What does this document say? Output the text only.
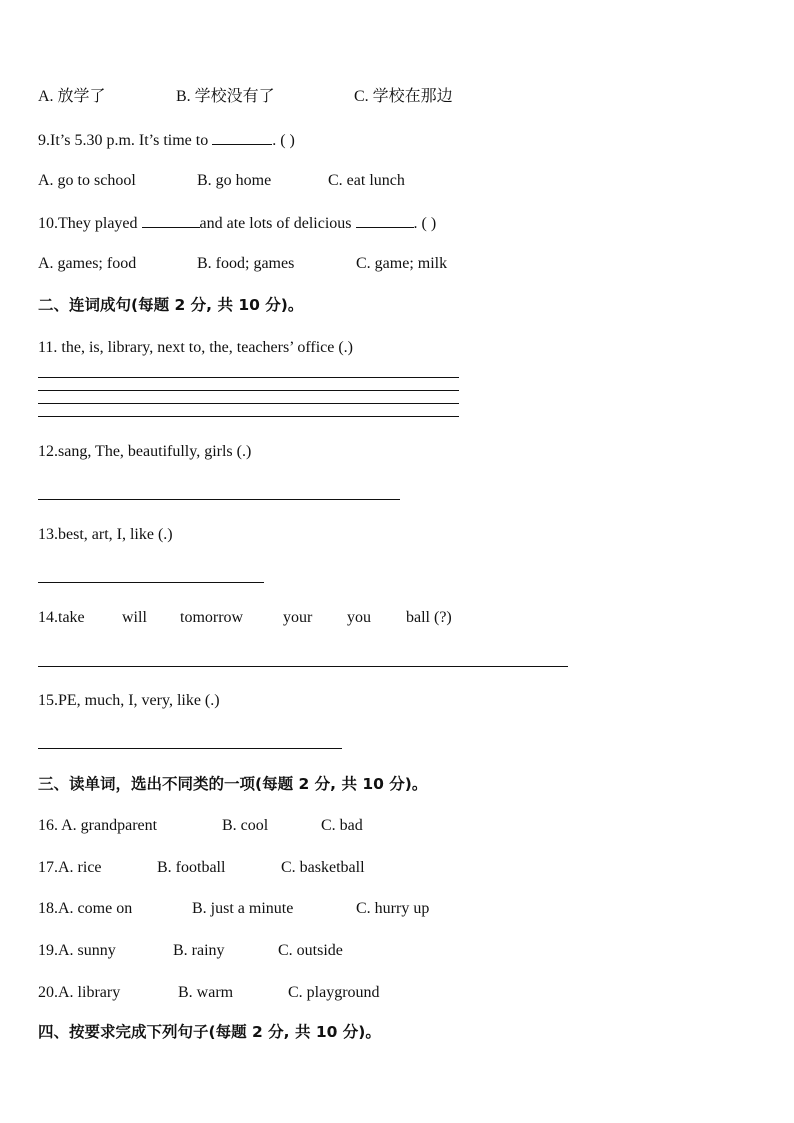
A. 放学了	B. 学校没有了	C. 学校在那边
9.It’s 5.30 p.m. It’s time to	. ( )
A. go to school	B. go home	C. eat lunch
10.They played	and ate lots of delicious	. ( )
A. games; food	B. food; games	C. game; milk
二、连词成句(每题 2 分, 共 10 分)。
11. the, is, library, next to, the, teachers’ office (.)
12.sang, The, beautifully, girls (.)
13.best, art, I, like (.)
14.take will tomorrow your you ball (?)
15.PE, much, I, very, like (.)
三、读单词，选出不同类的一项(每题 2 分, 共 10 分)。
16. A. grandparent	B. cool	C. bad
17.A. rice	B. football	C. basketball
18.A. come on	B. just a minute	C. hurry up
19.A. sunny	B. rainy	C. outside
20.A. library	B. warm	C. playground
四、按要求完成下列句子(每题 2 分, 共 10 分)。
